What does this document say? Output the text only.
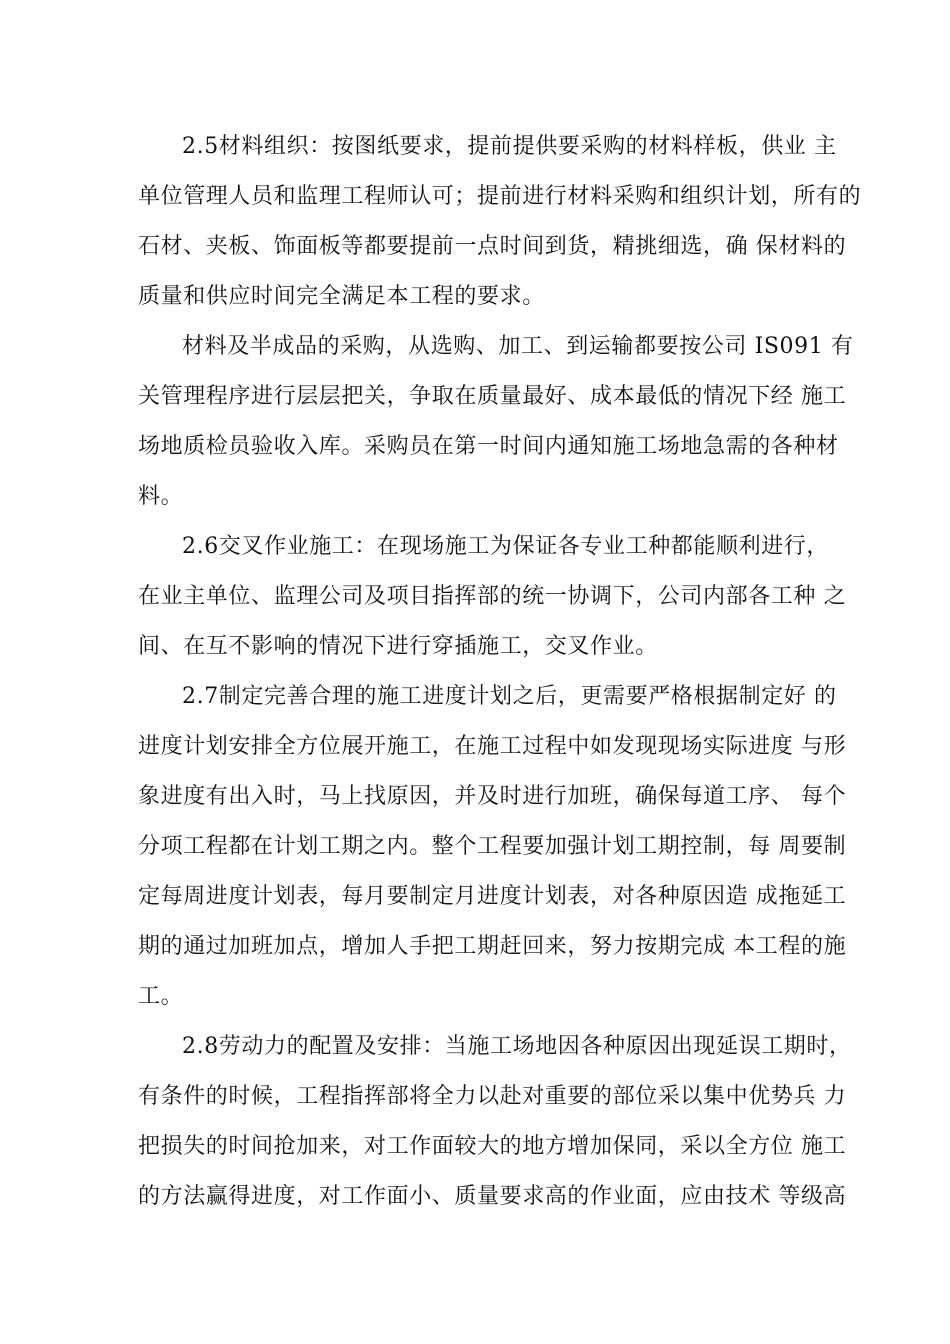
2.5材料组织：按图纸要求，提前提供要采购的材料样板，供业 主
单位管理人员和监理工程师认可；提前进行材料采购和组织计划，所有的
石材、夹板、饰面板等都要提前一点时间到货，精挑细选，确 保材料的
质量和供应时间完全满足本工程的要求。

材料及半成品的采购，从选购、加工、到运输都要按公司 IS091 有
关管理程序进行层层把关，争取在质量最好、成本最低的情况下经 施工
场地质检员验收入库。采购员在第一时间内通知施工场地急需的各种材
料。

2.6交叉作业施工：在现场施工为保证各专业工种都能顺利进行，
在业主单位、监理公司及项目指挥部的统一协调下，公司内部各工种 之
间、在互不影响的情况下进行穿插施工，交叉作业。

2.7制定完善合理的施工进度计划之后，更需要严格根据制定好 的
进度计划安排全方位展开施工，在施工过程中如发现现场实际进度 与形
象进度有出入时，马上找原因，并及时进行加班，确保每道工序、 每个
分项工程都在计划工期之内。整个工程要加强计划工期控制，每 周要制
定每周进度计划表，每月要制定月进度计划表，对各种原因造 成拖延工
期的通过加班加点，增加人手把工期赶回来，努力按期完成 本工程的施
工。

2.8劳动力的配置及安排：当施工场地因各种原因出现延误工期时，
有条件的时候，工程指挥部将全力以赴对重要的部位采以集中优势兵 力
把损失的时间抢加来，对工作面较大的地方增加保同，采以全方位 施工
的方法赢得进度，对工作面小、质量要求高的作业面，应由技术 等级高
